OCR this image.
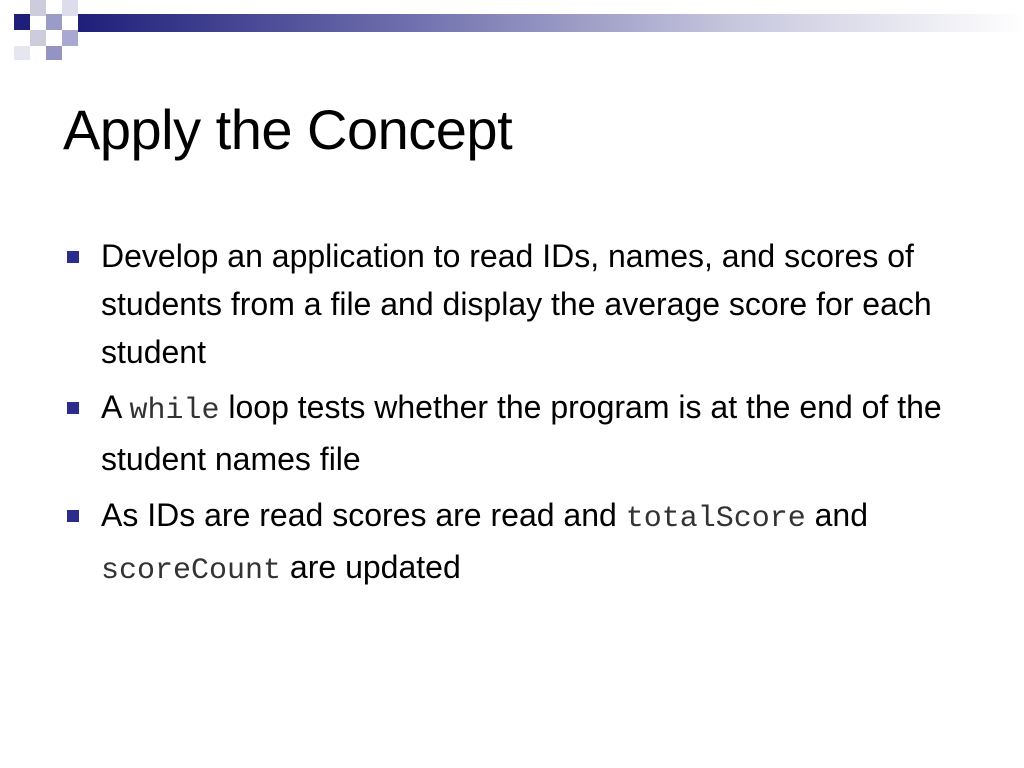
Apply the Concept
Develop an application to read IDs, names, and scores of students from a file and display the average score for each student
A while loop tests whether the program is at the end of the student names file
As IDs are read scores are read and totalScore and scoreCount are updated
